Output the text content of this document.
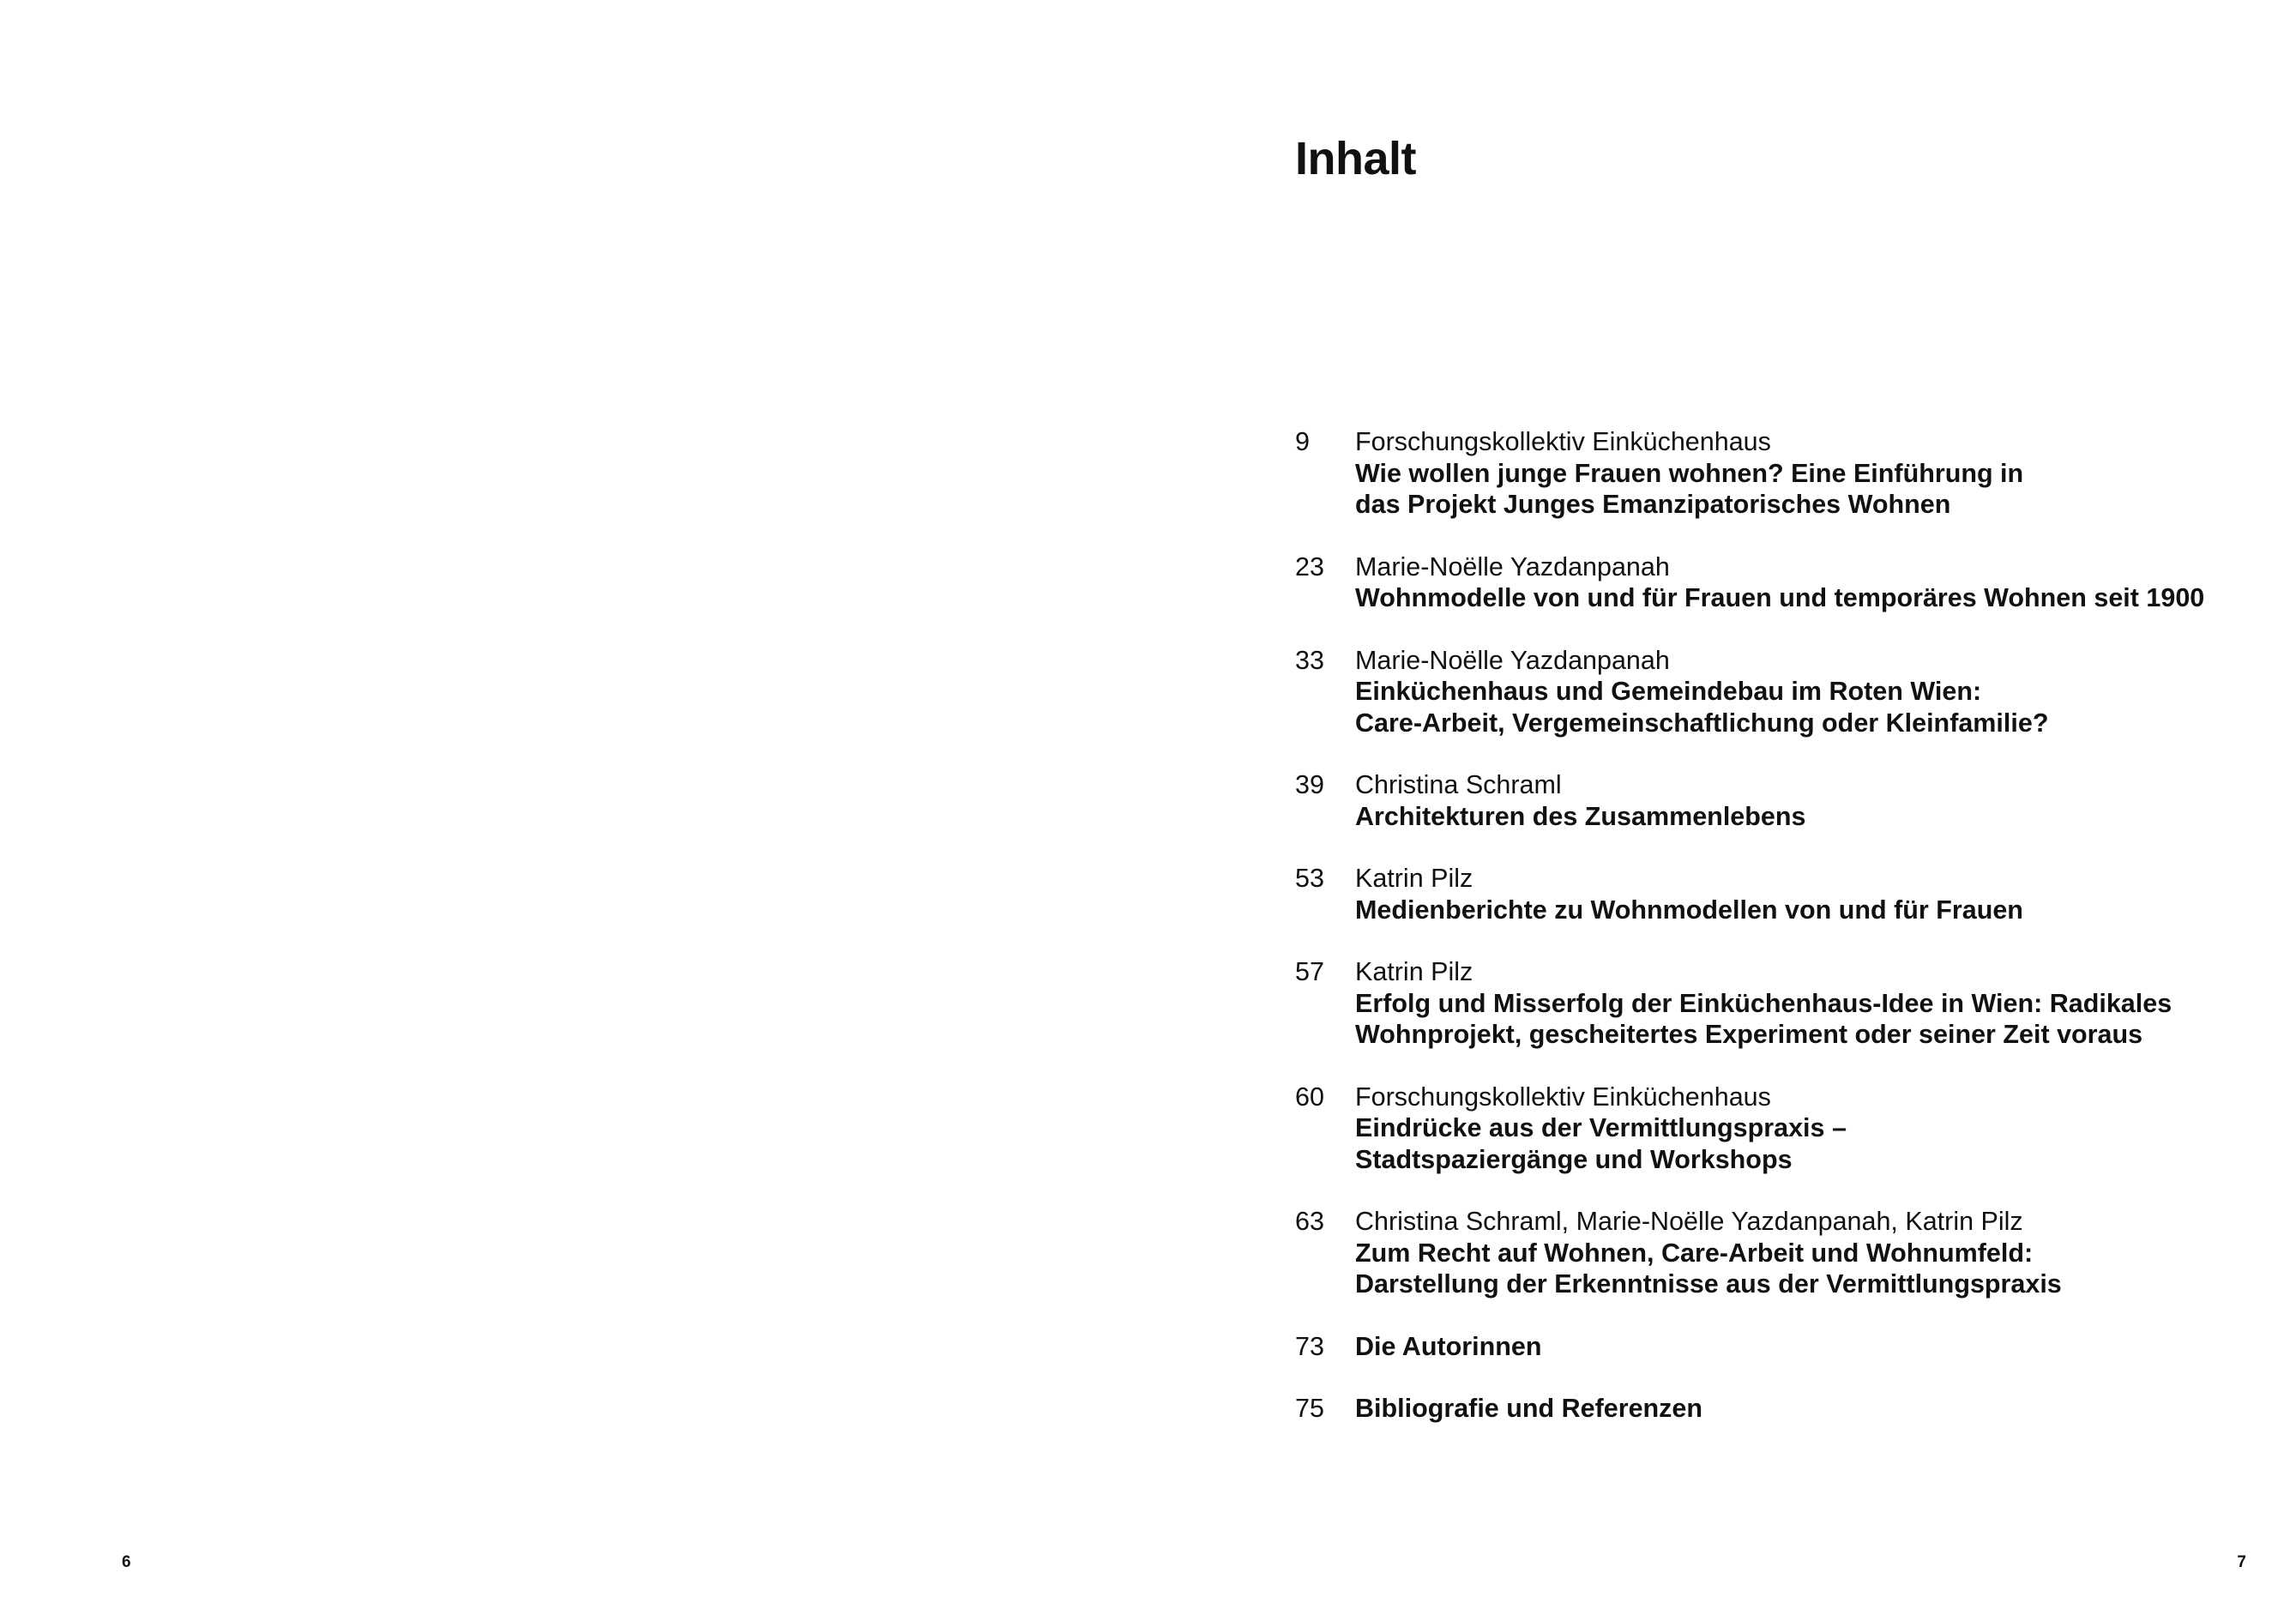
6
Inhalt
9 Forschungskollektiv Einküchenhaus
Wie wollen junge Frauen wohnen? Eine Einführung in
das Projekt Junges Emanzipatorisches Wohnen
23 Marie-Noëlle Yazdanpanah
Wohnmodelle von und für Frauen und temporäres Wohnen seit 1900
33 Marie-Noëlle Yazdanpanah
Einküchenhaus und Gemeindebau im Roten Wien:
Care-Arbeit, Vergemeinschaftlichung oder Kleinfamilie?
39 Christina Schraml
Architekturen des Zusammenlebens
53 Katrin Pilz
Medienberichte zu Wohnmodellen von und für Frauen
57 Katrin Pilz
Erfolg und Misserfolg der Einküchenhaus-Idee in Wien: Radikales
Wohnprojekt, gescheitertes Experiment oder seiner Zeit voraus
60 Forschungskollektiv Einküchenhaus
Eindrücke aus der Vermittlungspraxis –
Stadtspaziergänge und Workshops
63 Christina Schraml, Marie-Noëlle Yazdanpanah, Katrin Pilz
Zum Recht auf Wohnen, Care-Arbeit und Wohnumfeld:
Darstellung der Erkenntnisse aus der Vermittlungspraxis
73 Die Autorinnen
75 Bibliografie und Referenzen
7
